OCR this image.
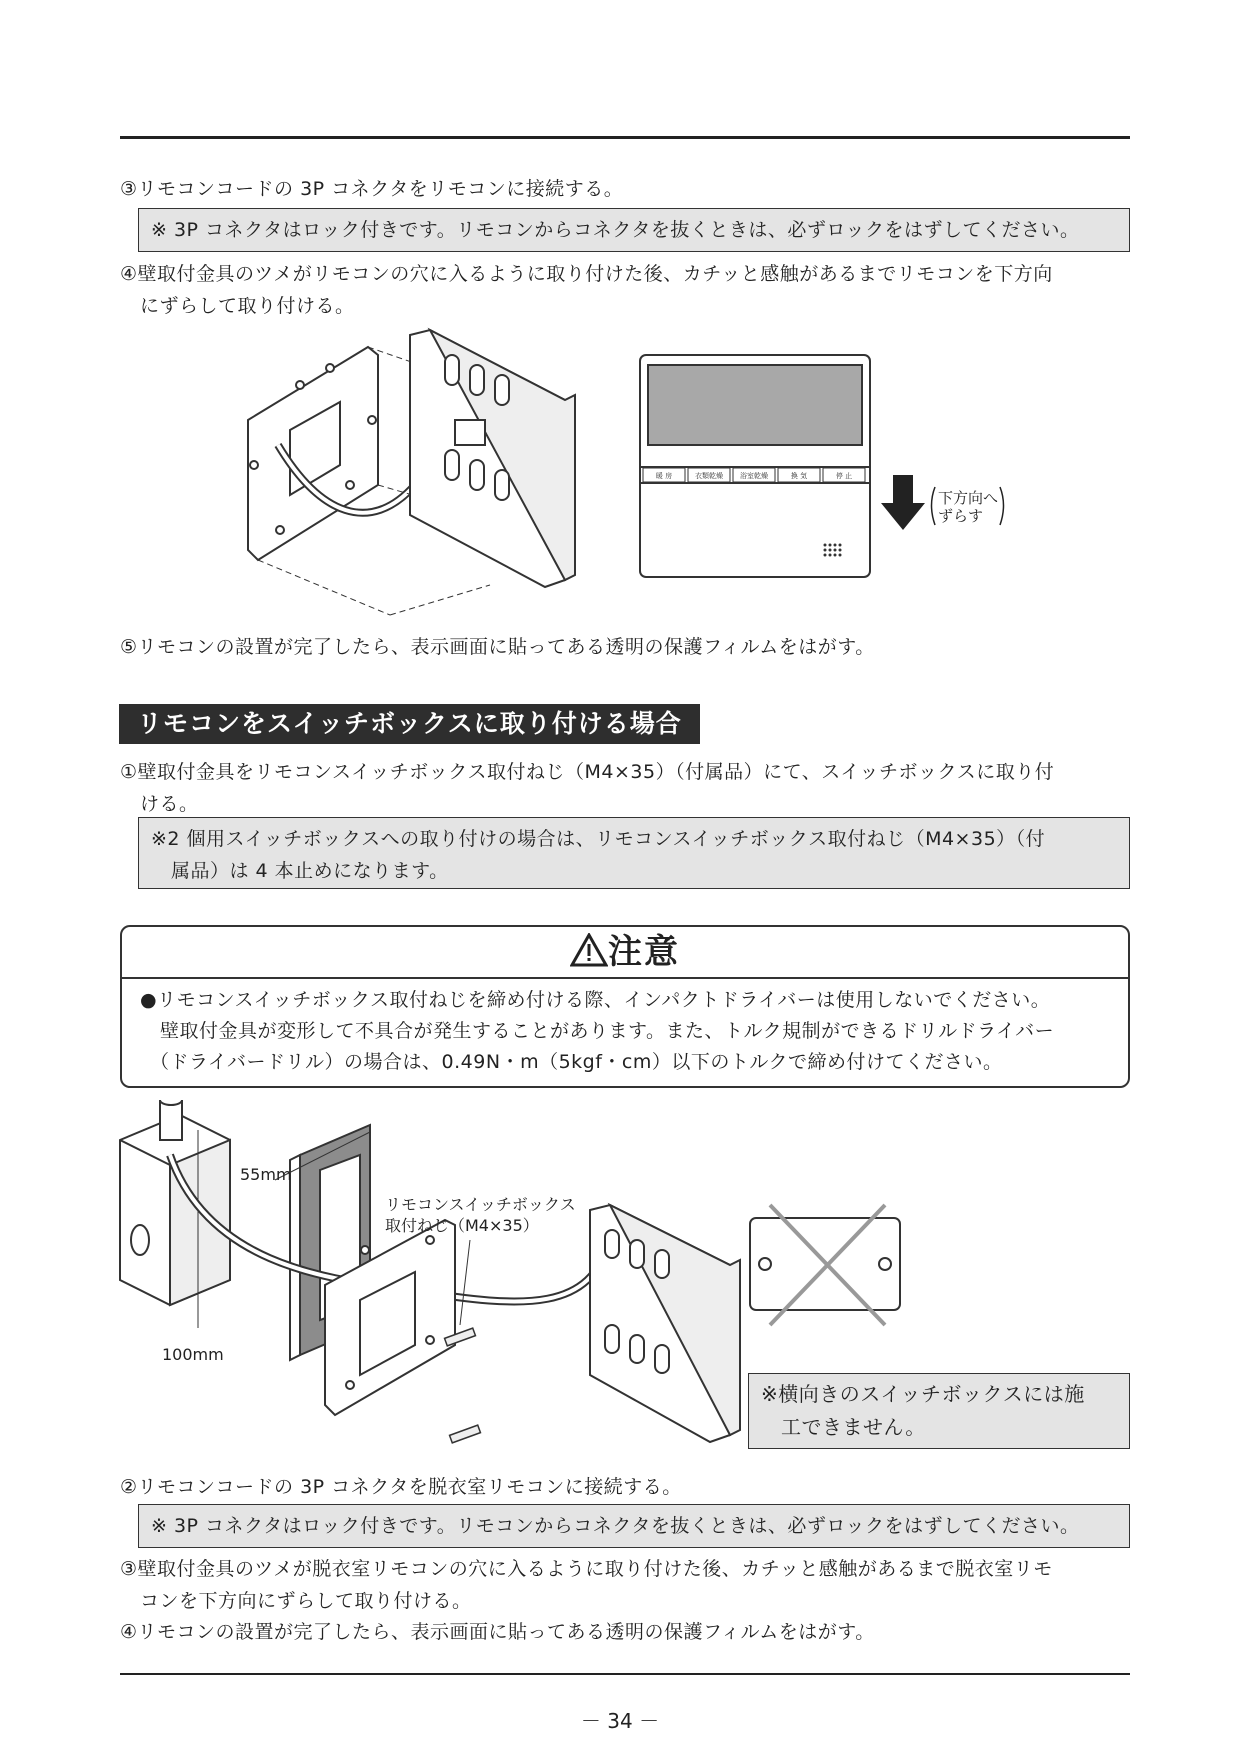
③リモコンコードの 3P コネクタをリモコンに接続する。
※ 3P コネクタはロック付きです。リモコンからコネクタを抜くときは、必ずロックをはずしてください。
④壁取付金具のツメがリモコンの穴に入るように取り付けた後、カチッと感触があるまでリモコンを下方向
にずらして取り付ける。
暖 房	衣類乾燥 浴室乾燥	換 気	停 止
下方向へ
ずらす
⑤リモコンの設置が完了したら、表示画面に貼ってある透明の保護フィルムをはがす。
リモコンをスイッチボックスに取り付ける場合
①壁取付金具をリモコンスイッチボックス取付ねじ（M4×35）（付属品）にて、スイッチボックスに取り付
ける。
※2 個用スイッチボックスへの取り付けの場合は、リモコンスイッチボックス取付ねじ（M4×35）（付
属品）は 4 本止めになります。
注意
●リモコンスイッチボックス取付ねじを締め付ける際、インパクトドライバーは使用しないでください。
壁取付金具が変形して不具合が発生することがあります。また、トルク規制ができるドリルドライバー
（ドライバードリル）の場合は、0.49N・m（5kgf・cm）以下のトルクで締め付けてください。
55mm
100mm
リモコンスイッチボックス
取付ねじ（M4×35）
※横向きのスイッチボックスには施
工できません。
②リモコンコードの 3P コネクタを脱衣室リモコンに接続する。
※ 3P コネクタはロック付きです。リモコンからコネクタを抜くときは、必ずロックをはずしてください。
③壁取付金具のツメが脱衣室リモコンの穴に入るように取り付けた後、カチッと感触があるまで脱衣室リモ
コンを下方向にずらして取り付ける。
④リモコンの設置が完了したら、表示画面に貼ってある透明の保護フィルムをはがす。
－ 34 －
